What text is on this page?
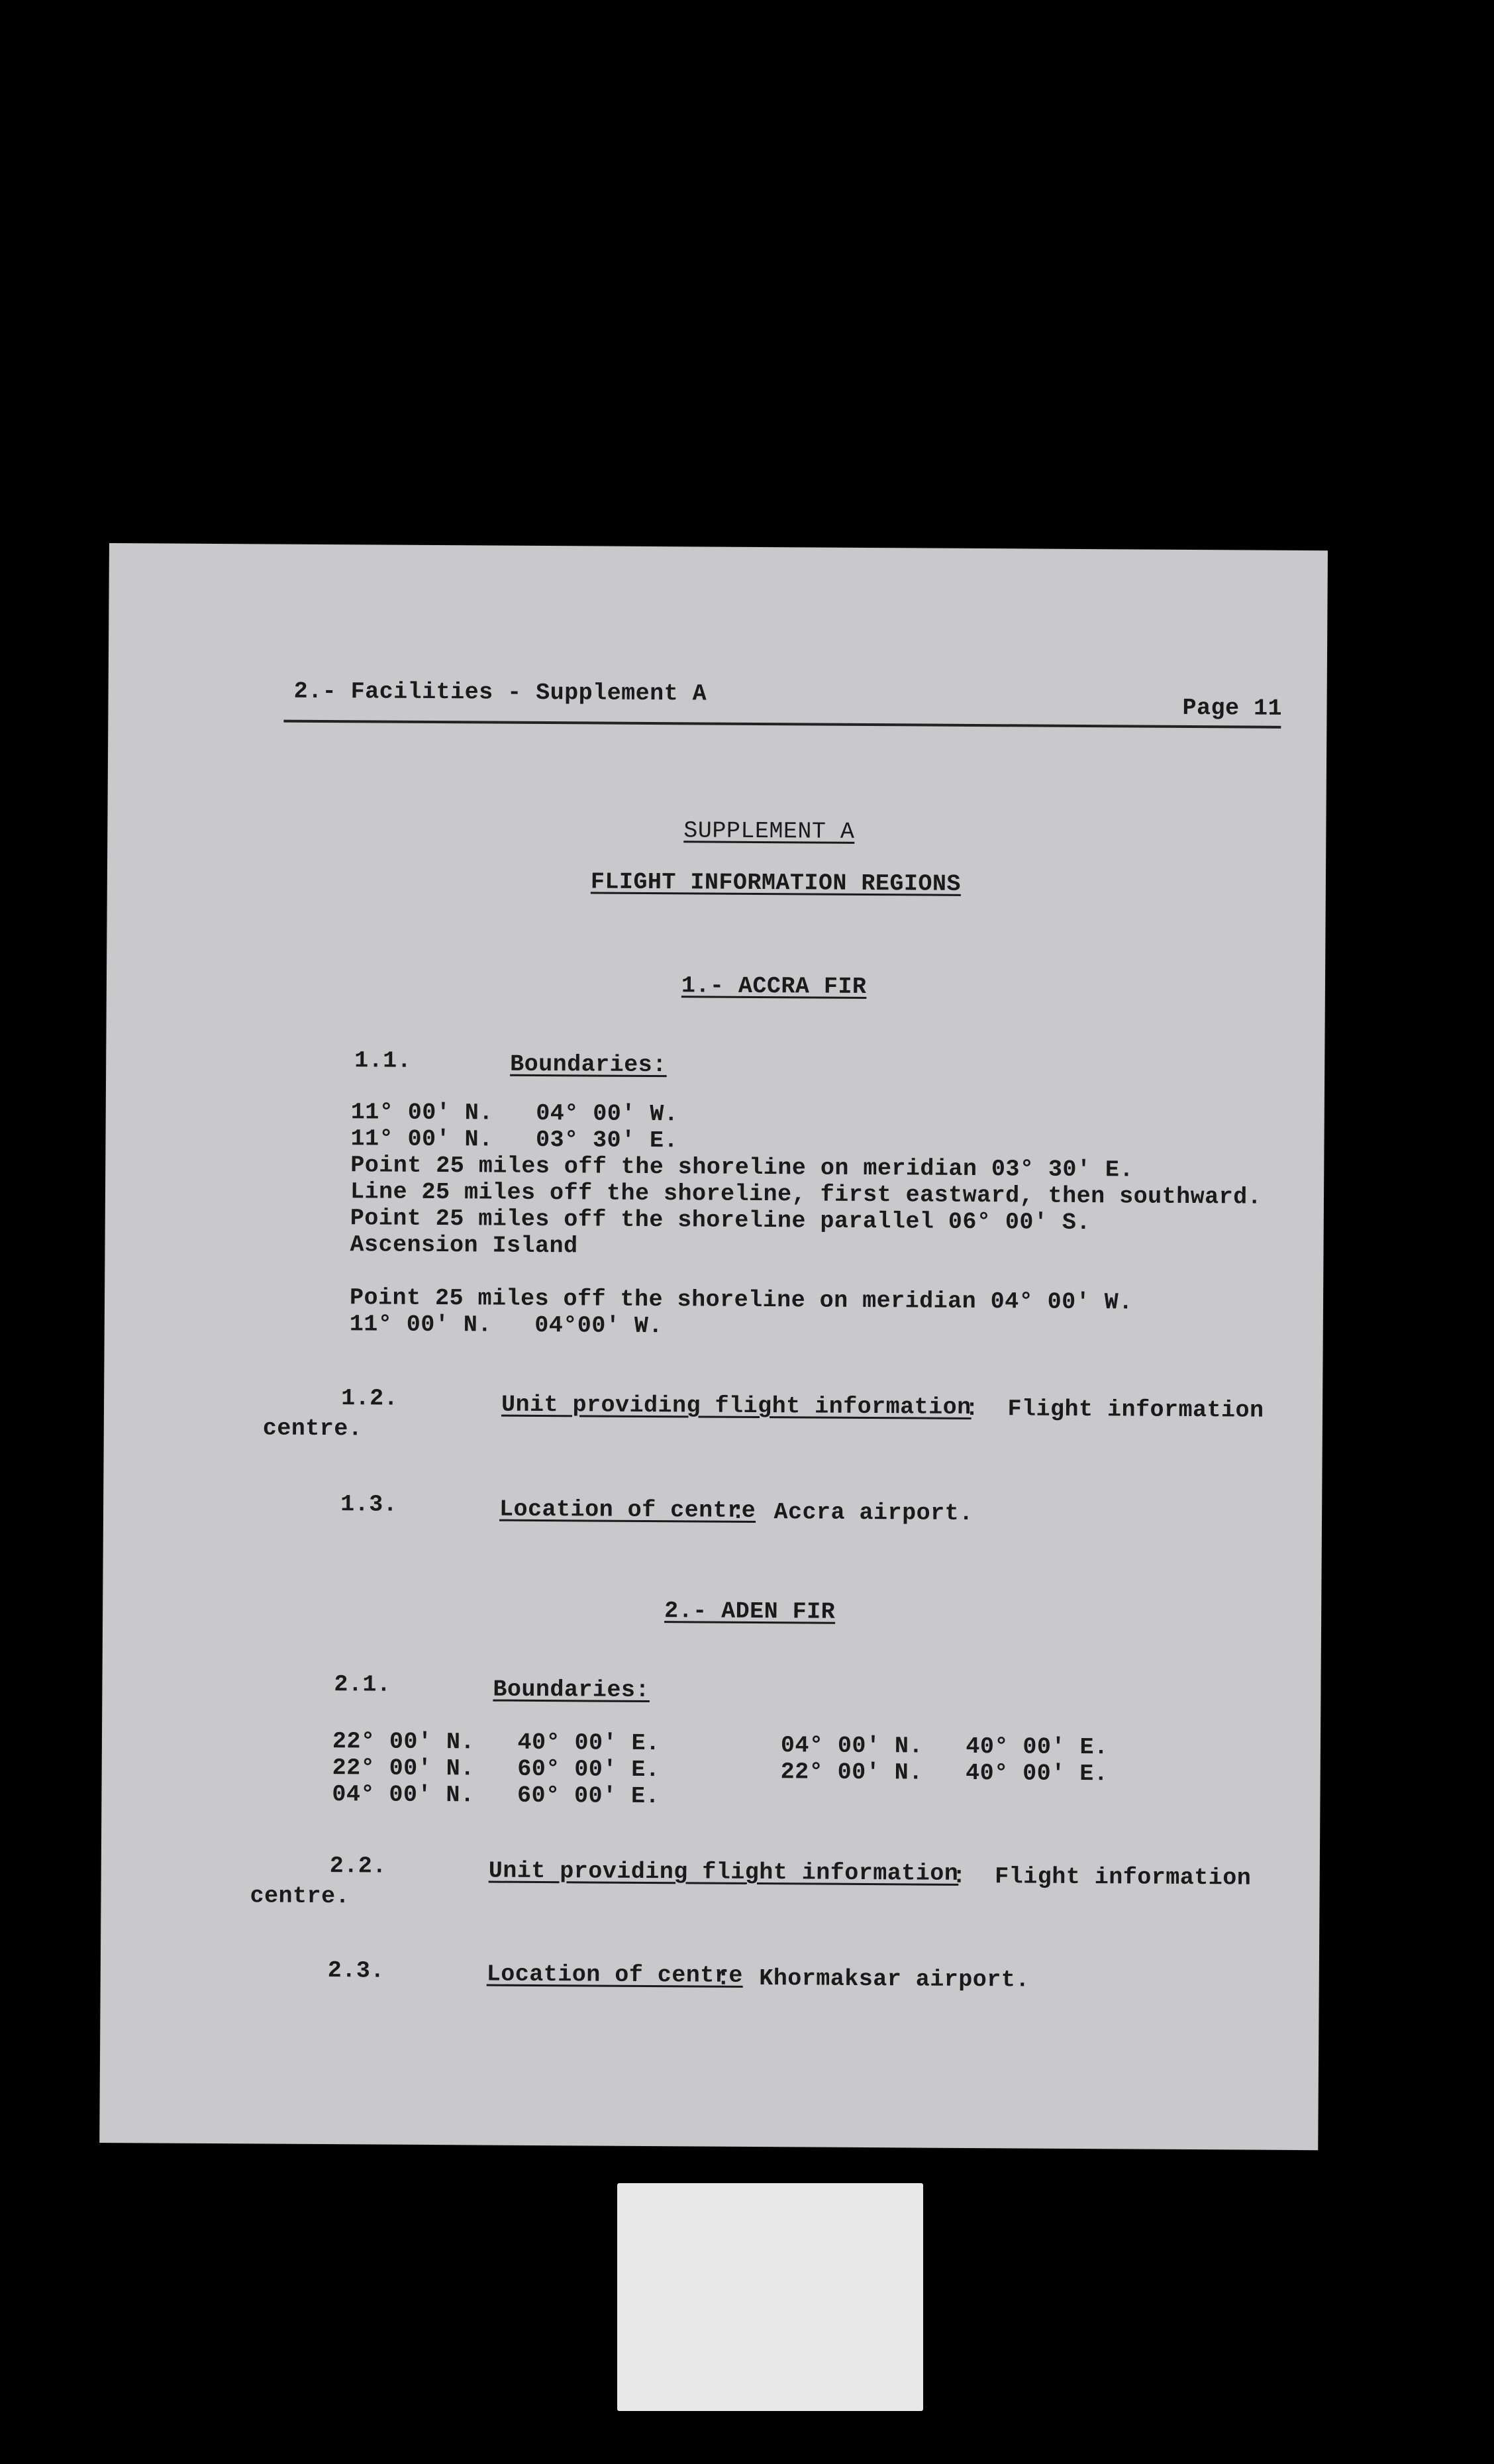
2.- Facilities - Supplement A
Page 11
SUPPLEMENT A
FLIGHT INFORMATION REGIONS
1.- ACCRA FIR
1.1.	Boundaries:
11° 00' N.   04° 00' W.
11° 00' N.   03° 30' E.
Point 25 miles off the shoreline on meridian 03° 30' E.
Line 25 miles off the shoreline, first eastward, then southward.
Point 25 miles off the shoreline parallel 06° 00' S.
Ascension Island
Point 25 miles off the shoreline on meridian 04° 00' W.
11° 00' N.   04°00' W.
1.2.	Unit providing flight information
:  Flight information
centre.
1.3.	Location of centre
:  Accra airport.
2.- ADEN FIR
2.1.	Boundaries:
22° 00' N.   40° 00' E.
22° 00' N.   60° 00' E.
04° 00' N.   60° 00' E.
04° 00' N.   40° 00' E.
22° 00' N.   40° 00' E.
2.2.	Unit providing flight information
:  Flight information
centre.
2.3.	Location of centre
:  Khormaksar airport.
